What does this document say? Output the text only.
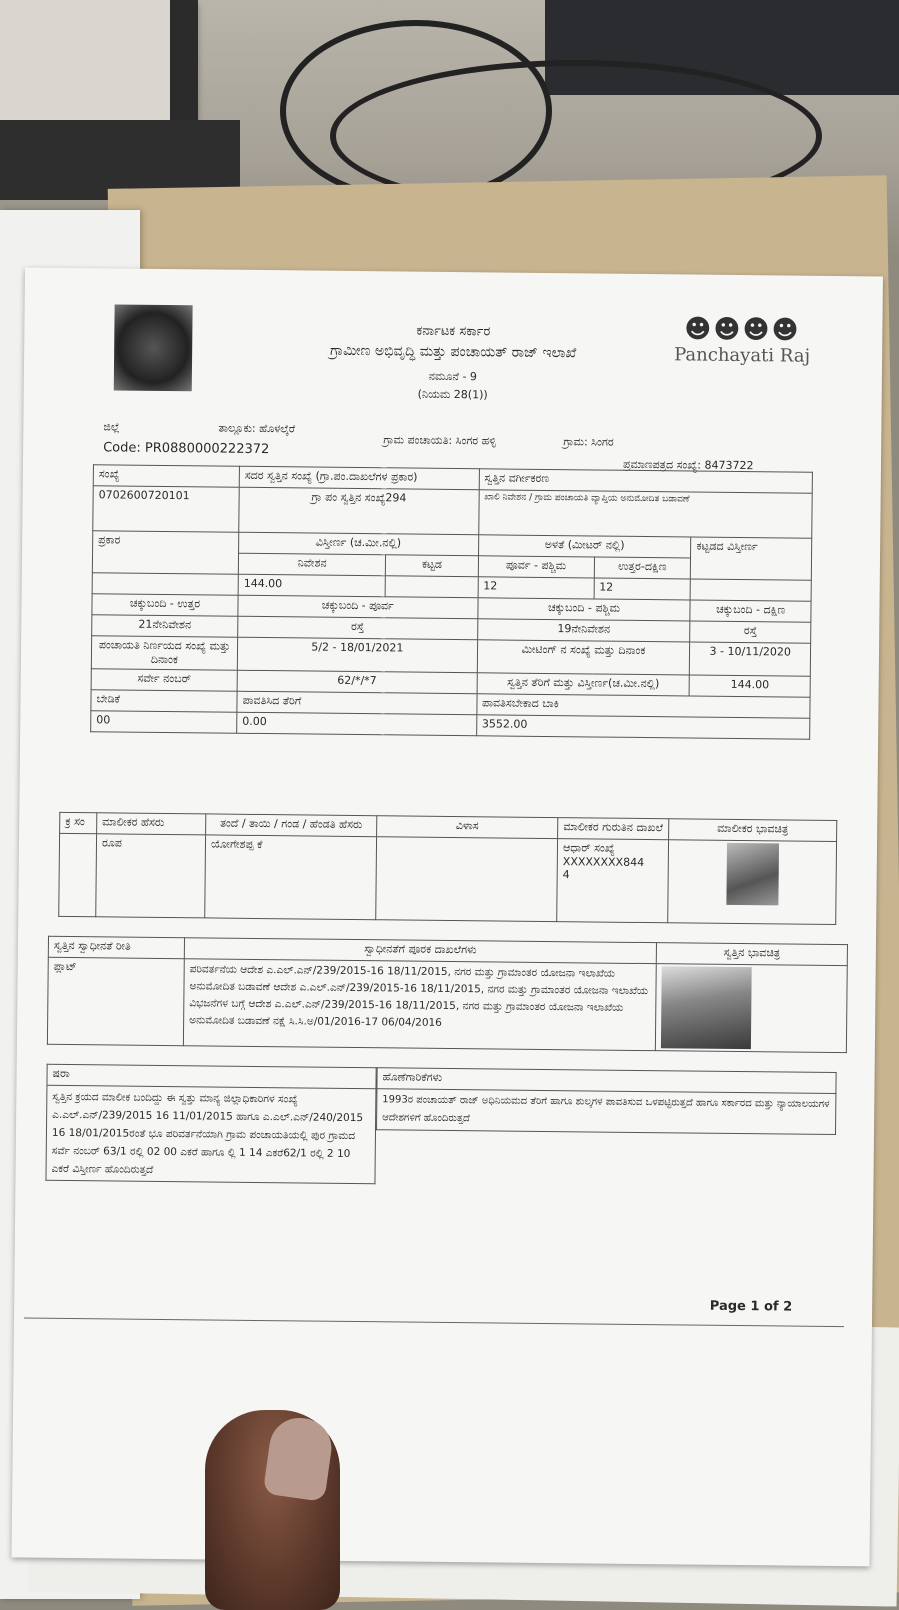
ಕರ್ನಾಟಕ ಸರ್ಕಾರ
ಗ್ರಾಮೀಣ ಅಭಿವೃದ್ಧಿ ಮತ್ತು ಪಂಚಾಯತ್ ರಾಜ್ ಇಲಾಖೆ
ನಮೂನೆ - 9
(ನಿಯಮ 28(1))
☻☻☻☻
Panchayati Raj
ಜಿಲ್ಲೆ	ತಾಲ್ಲೂಕು: ಹೊಳಲ್ಕೆರೆ
ಗ್ರಾಮ ಪಂಚಾಯತಿ: ಸಿಂಗರ ಹಳ್ಳಿ	ಗ್ರಾಮ: ಸಿಂಗರ
Code: PR0880000222372
ಪ್ರಮಾಣಪತ್ರದ ಸಂಖ್ಯೆ: 8473722
ಸಂಖ್ಯೆ	ಸದರ ಸ್ವತ್ತಿನ ಸಂಖ್ಯೆ (ಗ್ರಾ.ಪಂ.ದಾಖಲೆಗಳ ಪ್ರಕಾರ)		ಸ್ವತ್ತಿನ ವರ್ಗೀಕರಣ		
0702600720101	ಗ್ರಾ ಪಂ ಸ್ವತ್ತಿನ ಸಂಖ್ಯೆ294		ಖಾಲಿ ನಿವೇಶನ / ಗ್ರಾಮ ಪಂಚಾಯತಿ ವ್ಯಾಪ್ತಿಯ ಅನುಮೋದಿತ ಬಡಾವಣೆ		
ಪ್ರಕಾರ	ವಿಸ್ತೀರ್ಣ (ಚ.ಮೀ.ನಲ್ಲಿ)		ಅಳತೆ (ಮೀಟರ್ ನಲ್ಲಿ)		ಕಟ್ಟಡದ ವಿಸ್ತೀರ್ಣ
	ನಿವೇಶನ	ಕಟ್ಟಡ	ಪೂರ್ವ - ಪಶ್ಚಿಮ	ಉತ್ತರ-ದಕ್ಷಿಣ	
	144.00		12	12	
ಚಕ್ಕುಬಂದಿ - ಉತ್ತರ	ಚಕ್ಕುಬಂದಿ - ಪೂರ್ವ		ಚಕ್ಕುಬಂದಿ - ಪಶ್ಚಿಮ		ಚಕ್ಕುಬಂದಿ - ದಕ್ಷಿಣ
21ನೇನಿವೇಶನ	ರಸ್ತೆ		19ನೇನಿವೇಶನ		ರಸ್ತೆ
ಪಂಚಾಯತಿ ನಿರ್ಣಯದ ಸಂಖ್ಯೆ ಮತ್ತು ದಿನಾಂಕ	5/2 - 18/01/2021		ಮೀಟಿಂಗ್ ನ ಸಂಖ್ಯೆ ಮತ್ತು ದಿನಾಂಕ		3 - 10/11/2020
ಸರ್ವೇ ನಂಬರ್	62/*/*7		ಸ್ವತ್ತಿನ ತೆರಿಗೆ ಮತ್ತು ವಿಸ್ತೀರ್ಣ(ಚ.ಮೀ.ನಲ್ಲಿ)		144.00
ಬೇಡಿಕೆ	ಪಾವತಿಸಿದ ತೆರಿಗೆ		ಪಾವತಿಸಬೇಕಾದ ಬಾಕಿ		
00	0.00		3552.00		
ಕ್ರ ಸಂ	ಮಾಲೀಕರ ಹೆಸರು	ತಂದೆ / ತಾಯಿ / ಗಂಡ / ಹೆಂಡತಿ ಹೆಸರು	ವಿಳಾಸ	ಮಾಲೀಕರ ಗುರುತಿನ ದಾಖಲೆ	ಮಾಲೀಕರ ಭಾವಚಿತ್ರ
	ರೂಪ	ಯೋಗೇಶಪ್ಪ ಕೆ		ಆಧಾರ್ ಸಂಖ್ಯೆ
XXXXXXXX844
4	

ಸ್ವತ್ತಿನ ಸ್ವಾಧೀನತೆ ರೀತಿ	ಸ್ವಾಧೀನತೆಗೆ ಪೂರಕ ದಾಖಲೆಗಳು	ಸ್ವತ್ತಿನ ಭಾವಚಿತ್ರ
ಪ್ಲಾಟ್	ಪರಿವರ್ತನೆಯ ಆದೇಶ ಎ.ಎಲ್.ಎನ್/239/2015-16 18/11/2015, ನಗರ ಮತ್ತು ಗ್ರಾಮಾಂತರ ಯೋಜನಾ ಇಲಾಖೆಯ ಅನುಮೋದಿತ ಬಡಾವಣೆ ಆದೇಶ ಎ.ಎಲ್.ಎನ್/239/2015-16 18/11/2015, ನಗರ ಮತ್ತು ಗ್ರಾಮಾಂತರ ಯೋಜನಾ ಇಲಾಖೆಯ ವಿಭಜನೆಗಳ ಬಗ್ಗೆ ಆದೇಶ ಎ.ಎಲ್.ಎನ್/239/2015-16 18/11/2015, ನಗರ ಮತ್ತು ಗ್ರಾಮಾಂತರ ಯೋಜನಾ ಇಲಾಖೆಯ ಅನುಮೋದಿತ ಬಡಾವಣೆ ನಕ್ಷೆ ಸಿ.ಸಿ.ಅ/01/2016-17 06/04/2016	
ಷರಾ
ಸ್ವತ್ತಿನ ಕ್ರಯದ ಮಾಲೀಕ ಬಂದಿದ್ದು ಈ ಸ್ವತ್ತು ಮಾನ್ಯ ಜಿಲ್ಲಾಧಿಕಾರಿಗಳ ಸಂಖ್ಯೆ ಎ.ಎಲ್.ಎನ್/239/2015 16 11/01/2015 ಹಾಗೂ ಎ.ಎಲ್.ಎನ್/240/2015 16 18/01/2015ರಂತೆ ಭೂ ಪರಿವರ್ತನೆಯಾಗಿ ಗ್ರಾಮ ಪಂಚಾಯತಿಯಲ್ಲಿ ಪುರ ಗ್ರಾಮದ ಸರ್ವೆ ನಂಬರ್ 63/1 ರಲ್ಲಿ 02 00 ಎಕರೆ ಹಾಗೂ ಲ್ಲಿ 1 14 ಎಕರೆ62/1 ರಲ್ಲಿ 2 10 ಎಕರೆ ವಿಸ್ತೀರ್ಣ ಹೊಂದಿರುತ್ತದೆ
ಹೊಣೆಗಾರಿಕೆಗಳು
1993ರ ಪಂಚಾಯತ್ ರಾಜ್ ಅಧಿನಿಯಮದ ತೆರಿಗೆ ಹಾಗೂ ಶುಲ್ಕಗಳ ಪಾವತಿಸುವ ಒಳಪಟ್ಟಿರುತ್ತದೆ ಹಾಗೂ ಸರ್ಕಾರದ ಮತ್ತು ನ್ಯಾಯಾಲಯಗಳ ಆದೇಶಗಳಿಗೆ ಹೊಂದಿರುತ್ತದೆ
Page 1 of 2
